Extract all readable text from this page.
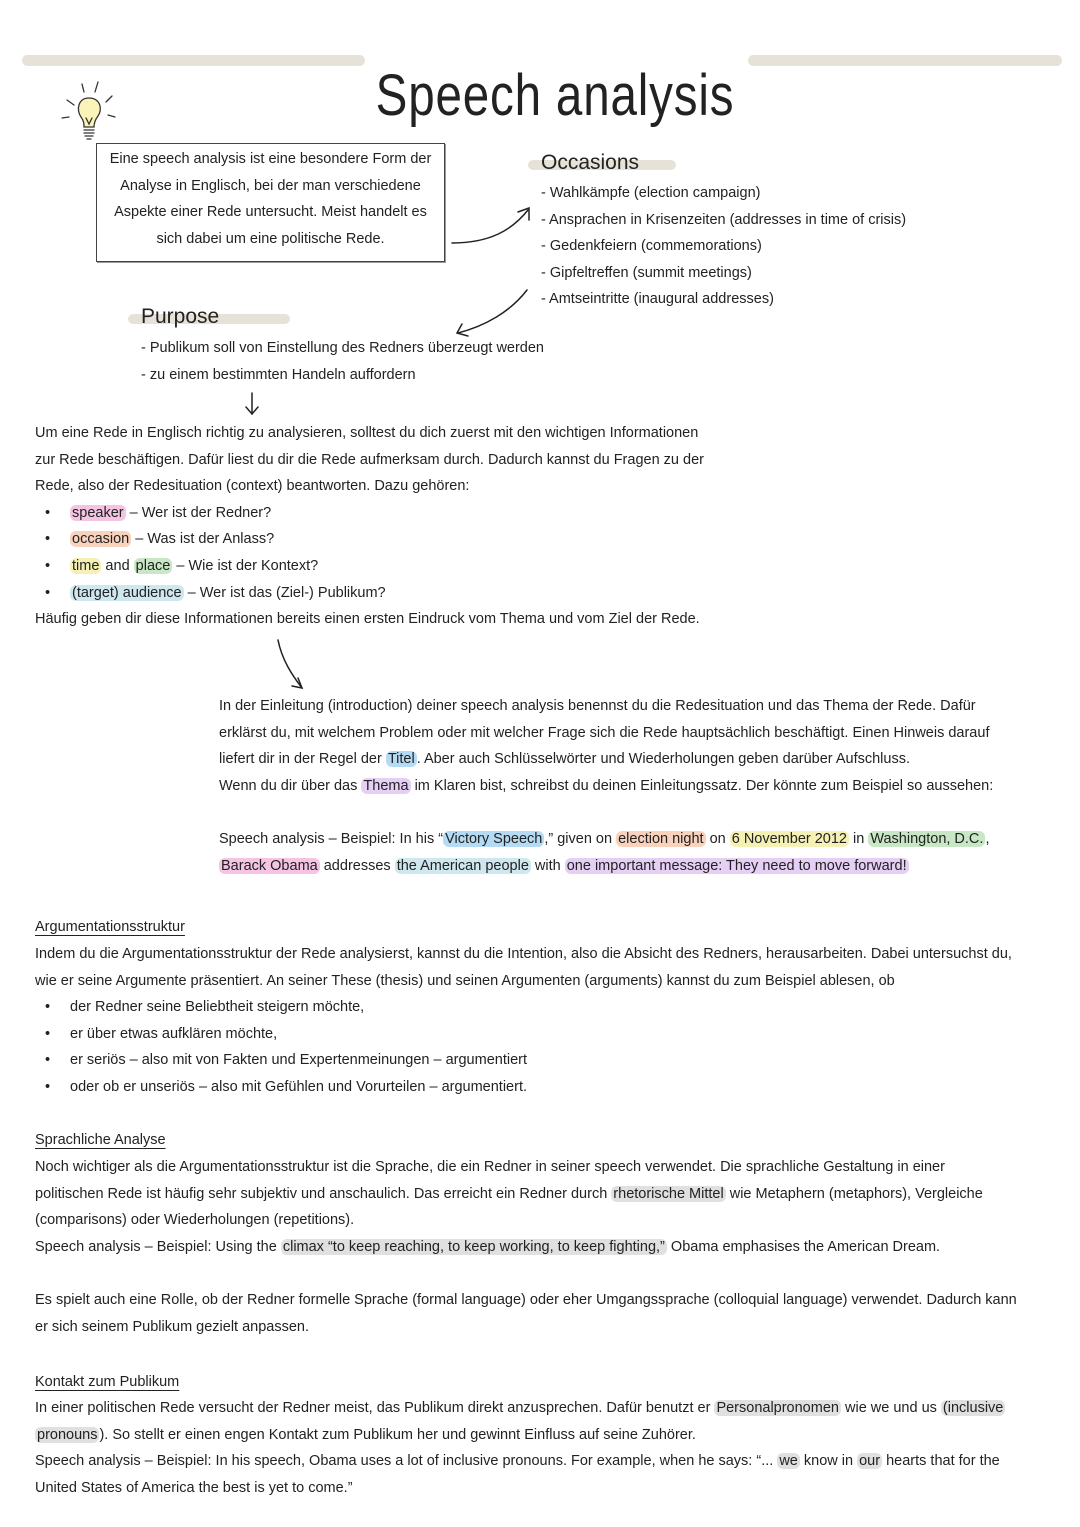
Speech analysis
Eine speech analysis ist eine besondere Form der
Analyse in Englisch, bei der man verschiedene
Aspekte einer Rede untersucht. Meist handelt es
sich dabei um eine politische Rede.
Occasions
- Wahlkämpfe (election campaign)
- Ansprachen in Krisenzeiten (addresses in time of crisis)
- Gedenkfeiern (commemorations)
- Gipfeltreffen (summit meetings)
- Amtseintritte (inaugural addresses)
Purpose
- Publikum soll von Einstellung des Redners überzeugt werden
- zu einem bestimmten Handeln auffordern
Um eine Rede in Englisch richtig zu analysieren, solltest du dich zuerst mit den wichtigen Informationen
zur Rede beschäftigen. Dafür liest du dir die Rede aufmerksam durch. Dadurch kannst du Fragen zu der
Rede, also der Redesituation (context) beantworten. Dazu gehören:
• speaker – Wer ist der Redner?
• occasion – Was ist der Anlass?
• time and place – Wie ist der Kontext?
• (target) audience – Wer ist das (Ziel-) Publikum?
Häufig geben dir diese Informationen bereits einen ersten Eindruck vom Thema und vom Ziel der Rede.
In der Einleitung (introduction) deiner speech analysis benennst du die Redesituation und das Thema der Rede. Dafür
erklärst du, mit welchem Problem oder mit welcher Frage sich die Rede hauptsächlich beschäftigt. Einen Hinweis darauf
liefert dir in der Regel der Titel . Aber auch Schlüsselwörter und Wiederholungen geben darüber Aufschluss.
Wenn du dir über das Thema im Klaren bist, schreibst du deinen Einleitungssatz. Der könnte zum Beispiel so aussehen:
Speech analysis – Beispiel: In his “ Victory Speech ,” given on election night on 6 November 2012 in Washington, D.C. ,
Barack Obama addresses the American people with one important message: They need to move forward!
Argumentationsstruktur
Indem du die Argumentationsstruktur der Rede analysierst, kannst du die Intention, also die Absicht des Redners, herausarbeiten. Dabei untersuchst du,
wie er seine Argumente präsentiert. An seiner These (thesis) und seinen Argumenten (arguments) kannst du zum Beispiel ablesen, ob
• der Redner seine Beliebtheit steigern möchte,
• er über etwas aufklären möchte,
• er seriös – also mit von Fakten und Expertenmeinungen – argumentiert
• oder ob er unseriös – also mit Gefühlen und Vorurteilen – argumentiert.
Sprachliche Analyse
Noch wichtiger als die Argumentationsstruktur ist die Sprache, die ein Redner in seiner speech verwendet. Die sprachliche Gestaltung in einer
politischen Rede ist häufig sehr subjektiv und anschaulich. Das erreicht ein Redner durch rhetorische Mittel wie Metaphern (metaphors), Vergleiche
(comparisons) oder Wiederholungen (repetitions).
Speech analysis – Beispiel: Using the climax “to keep reaching, to keep working, to keep fighting,” Obama emphasises the American Dream.
Es spielt auch eine Rolle, ob der Redner formelle Sprache (formal language) oder eher Umgangssprache (colloquial language) verwendet. Dadurch kann
er sich seinem Publikum gezielt anpassen.
Kontakt zum Publikum
In einer politischen Rede versucht der Redner meist, das Publikum direkt anzusprechen. Dafür benutzt er Personalpronomen wie we und us (inclusive
pronouns ). So stellt er einen engen Kontakt zum Publikum her und gewinnt Einfluss auf seine Zuhörer.
Speech analysis – Beispiel: In his speech, Obama uses a lot of inclusive pronouns. For example, when he says: “... we know in our hearts that for the
United States of America the best is yet to come.”
